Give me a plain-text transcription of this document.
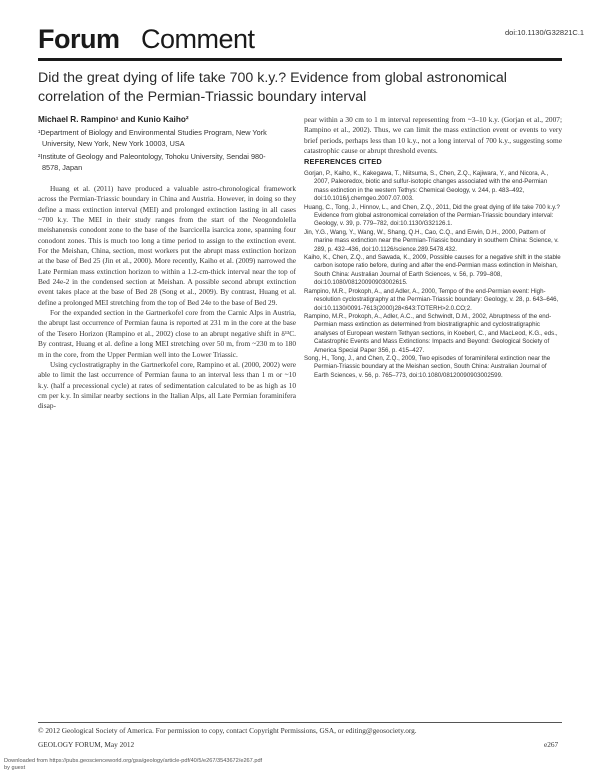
doi:10.1130/G32821C.1
Forum Comment
Did the great dying of life take 700 k.y.? Evidence from global astronomical
correlation of the Permian-Triassic boundary interval
Michael R. Rampino¹ and Kunio Kaiho²
¹Department of Biology and Environmental Studies Program, New York
University, New York, New York 10003, USA
²Institute of Geology and Paleontology, Tohoku University, Sendai 980-
8578, Japan

Huang et al. (2011) have produced a valuable astro-chronological framework across the Permian-Triassic boundary in China and Austria. However, in doing so they define a mass extinction interval (MEI) and prolonged extinction lasting in all cases ~700 k.y. The MEI in their study ranges from the start of the Neogondolella meishanensis conodont zone to the base of the Isarcicella isarcica zone, spanning four conodont zones. This is much too long a time period to assign to the extinction event. For the Meishan, China, section, most workers put the abrupt mass extinction horizon at the base of Bed 25 (Jin et al., 2000). More recently, Kaiho et al. (2009) narrowed the Late Permian mass extinction horizon to within a 1.2-cm-thick interval near the top of Bed 24e-2 in the condensed section at Meishan. A possible second abrupt extinction event takes place at the base of Bed 28 (Song et al., 2009). By contrast, Huang et al. define a prolonged MEI stretching from the top of Bed 24e to the base of Bed 29.

For the expanded section in the Gartnerkofel core from the Carnic Alps in Austria, the abrupt last occurrence of Permian fauna is reported at 231 m in the core at the base of the Tesero Horizon (Rampino et al., 2002) close to an abrupt negative shift in δ¹³C. By contrast, Huang et al. define a long MEI stretching over 50 m, from ~230 m to 180 m in the core, from the Upper Permian well into the Lower Triassic.

Using cyclostratigraphy in the Gartnerkofel core, Rampino et al. (2000, 2002) were able to limit the last occurrence of Permian fauna to an interval less than 1 m or ~10 k.y. (half a precessional cycle) at rates of sedimentation calculated to be as high as 10 cm per k.y. In similar nearby sections in the Italian Alps, all Late Permian foraminifera disap-

pear within a 30 cm to 1 m interval representing from ~3–10 k.y. (Gorjan et al., 2007; Rampino et al., 2002). Thus, we can limit the mass extinction event or events to very brief periods, perhaps less than 10 k.y., not a long interval of 700 k.y., suggesting some catastrophic cause or abrupt threshold events.

REFERENCES CITED
Gorjan, P., Kaiho, K., Kakegawa, T., Niitsuma, S., Chen, Z.Q., Kajiwara, Y., and Nicora, A., 2007, Paleoredox, biotic and sulfur-isotopic changes associated with the end-Permian mass extinction in the western Tethys: Chemical Geology, v. 244, p. 483–492, doi:10.1016/j.chemgeo.2007.07.003.
Huang, C., Tong, J., Hinnov, L., and Chen, Z.Q., 2011, Did the great dying of life take 700 k.y.? Evidence from global astronomical correlation of the Permian-Triassic boundary interval: Geology, v. 39, p. 779–782, doi:10.1130/G32126.1.
Jin, Y.G., Wang, Y., Wang, W., Shang, Q.H., Cao, C.Q., and Erwin, D.H., 2000, Pattern of marine mass extinction near the Permian-Triassic boundary in southern China: Science, v. 289, p. 432–436, doi:10.1126/science.289.5478.432.
Kaiho, K., Chen, Z.Q., and Sawada, K., 2009, Possible causes for a negative shift in the stable carbon isotope ratio before, during and after the end-Permian mass extinction in Meishan, South China: Australian Journal of Earth Sciences, v. 56, p. 799–808, doi:10.1080/08120090903002615.
Rampino, M.R., Prokoph, A., and Adler, A., 2000, Tempo of the end-Permian event: High-resolution cyclostratigraphy at the Permian-Triassic boundary: Geology, v. 28, p. 643–646, doi:10.1130/0091-7613(2000)28<643:TOTERH>2.0.CO;2.
Rampino, M.R., Prokoph, A., Adler, A.C., and Schwindt, D.M., 2002, Abruptness of the end-Permian mass extinction as determined from biostratigraphic and cyclostratigraphic analyses of European western Tethyan sections, in Koeberl, C., and MacLeod, K.G., eds., Catastrophic Events and Mass Extinctions: Impacts and Beyond: Geological Society of America Special Paper 356, p. 415–427.
Song, H., Tong, J., and Chen, Z.Q., 2009, Two episodes of foraminiferal extinction near the Permian-Triassic boundary at the Meishan section, South China: Australian Journal of Earth Sciences, v. 56, p. 765–773, doi:10.1080/08120090903002599.
© 2012 Geological Society of America. For permission to copy, contact Copyright Permissions, GSA, or editing@geosociety.org.
GEOLOGY FORUM, May 2012	e267
Downloaded from https://pubs.geoscienceworld.org/gsa/geology/article-pdf/40/5/e267/3543672/e267.pdf
by guest
